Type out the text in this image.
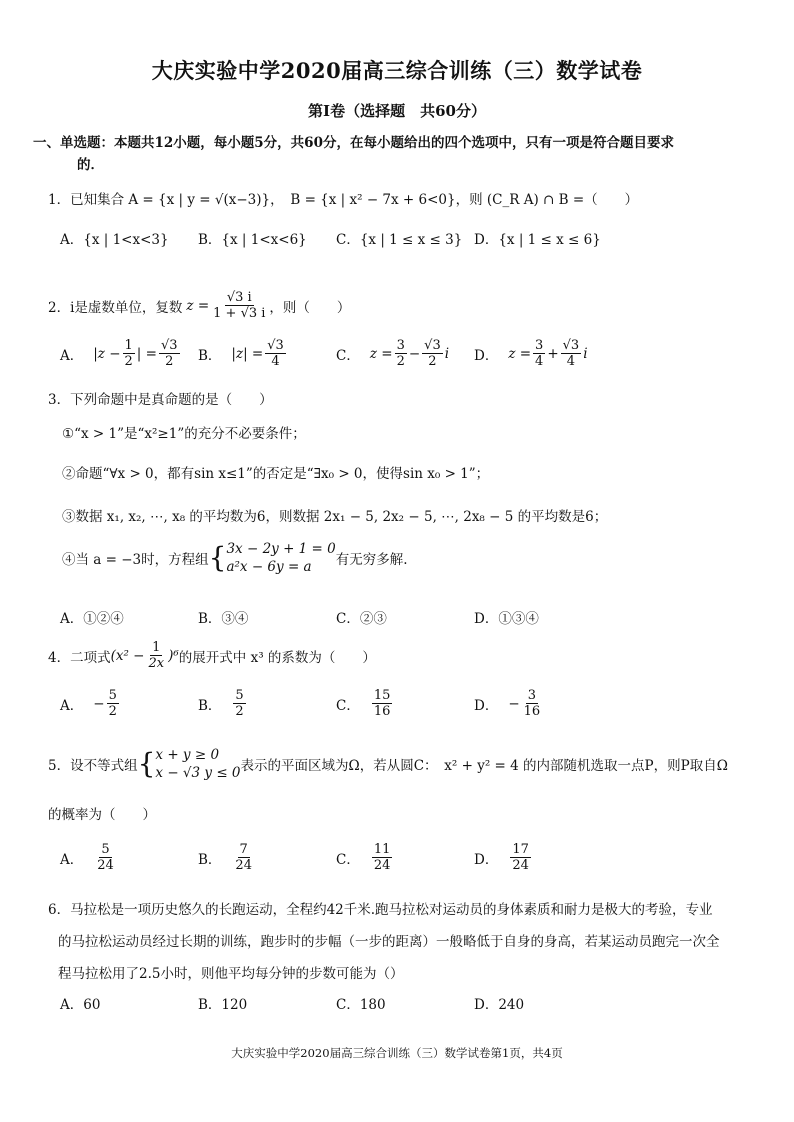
大庆实验中学2020届高三综合训练（三）数学试卷
第I卷（选择题　共60分）
一、单选题：本题共12小题，每小题5分，共60分，在每小题给出的四个选项中，只有一项是符合题目要求
的．
1．已知集合 A = {x | y = √(x−3)}，　B = {x | x² − 7x + 6<0}，则 (C_R A) ∩ B =（　　）
A．{x | 1<x<3}	B．{x | 1<x<6}	C．{x | 1 ≤ x ≤ 3} D．{x | 1 ≤ x ≤ 6}
2．i是虚数单位，复数 $z = \frac{√3 i}{1 + √3 i}$ ，则（　　）
A． $|z - \frac{1}{2}$ | = $\frac{√3}{2}$ B． $|z| = \frac{√3}{4}$	C． $z = \frac{3}{2} - \frac{√3}{2}$ i D． $z = \frac{3}{4} + \frac{√3}{4}$ i
3．下列命题中是真命题的是（　　）
①“x > 1”是“x²≥1”的充分不必要条件；
②命题“∀x > 0，都有sin x≤1”的否定是“∃x₀ > 0，使得sin x₀ > 1”；
③数据 x₁, x₂, ⋯, x₈ 的平均数为6，则数据 2x₁ − 5, 2x₂ − 5, ⋯, 2x₈ − 5 的平均数是6；
④当 a = −3时，方程组 { 3x − 2y + 1 = 0
a²x − 6y = a	有无穷多解.
A．①②④	B．③④	C．②③	D．①③④
4．二项式 $(x^2 - \frac{1}{2x} )^6$ 的展开式中 x³ 的系数为（　　）
A． − $\frac{5}{2}$	B． $\frac{5}{2}$	C． $\frac{15}{16}$	D． − $\frac{3}{16}$
5．设不等式组 { x + y ≥ 0
x − √3 y ≤ 0 表示的平面区域为Ω，若从圆C：　x² + y² = 4 的内部随机选取一点P，则P取自Ω
的概率为（　　）
A． $\frac{5}{24}$	B． $\frac{7}{24}$	C． $\frac{11}{24}$	D． $\frac{17}{24}$
6．马拉松是一项历史悠久的长跑运动，全程约42千米.跑马拉松对运动员的身体素质和耐力是极大的考验，专业
的马拉松运动员经过长期的训练，跑步时的步幅（一步的距离）一般略低于自身的身高，若某运动员跑完一次全
程马拉松用了2.5小时，则他平均每分钟的步数可能为（）
A．60	B．120	C．180	D．240
大庆实验中学2020届高三综合训练（三）数学试卷第1页，共4页
